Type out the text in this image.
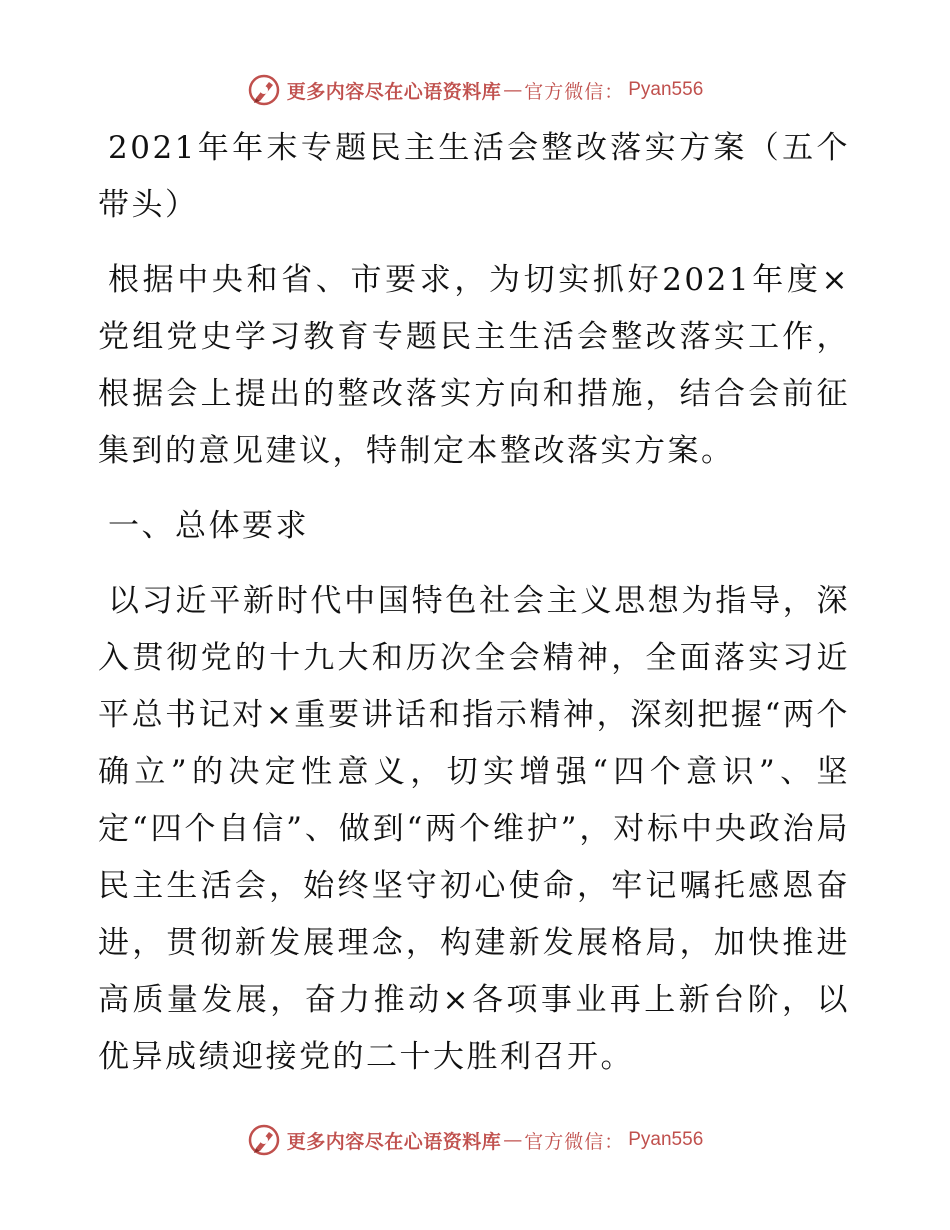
更多内容尽在心语资料库 — 官方微信： Pyan556

2021年年末专题民主生活会整改落实方案（五个带头）

根据中央和省、市要求，为切实抓好2021年度×党组党史学习教育专题民主生活会整改落实工作，根据会上提出的整改落实方向和措施，结合会前征集到的意见建议，特制定本整改落实方案。

一、总体要求

以习近平新时代中国特色社会主义思想为指导，深入贯彻党的十九大和历次全会精神，全面落实习近平总书记对×重要讲话和指示精神，深刻把握“两个确立”的决定性意义，切实增强“四个意识”、坚定“四个自信”、做到“两个维护”，对标中央政治局民主生活会，始终坚守初心使命，牢记嘱托感恩奋进，贯彻新发展理念，构建新发展格局，加快推进高质量发展，奋力推动×各项事业再上新台阶，以优异成绩迎接党的二十大胜利召开。

更多内容尽在心语资料库 — 官方微信： Pyan556
